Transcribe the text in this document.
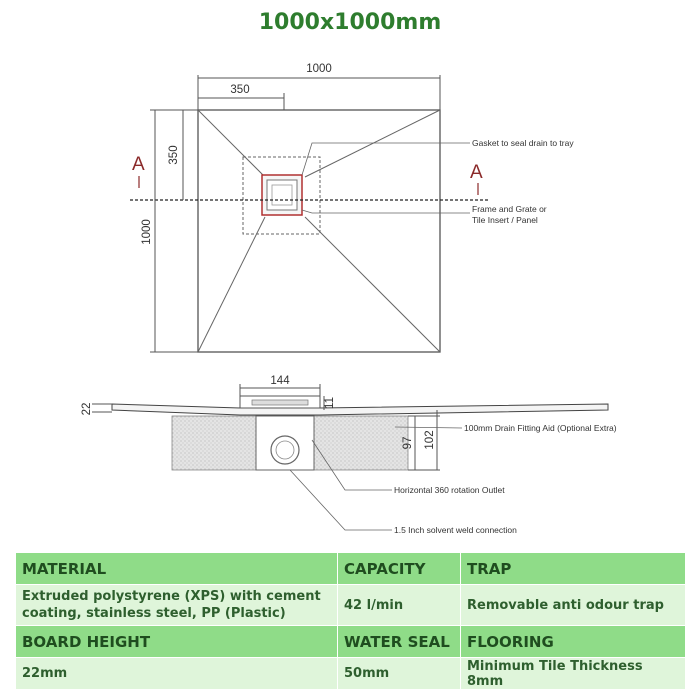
1000x1000mm
A	A
1000
350
350
1000
Gasket to seal drain to tray
Frame and Grate or
Tile Insert / Panel
144
11
22
97 102
100mm Drain Fitting Aid (Optional Extra)
Horizontal 360 rotation Outlet
1.5 Inch solvent weld connection
MATERIAL	CAPACITY	TRAP
Extruded polystyrene (XPS) with cement coating, stainless steel, PP (Plastic)	42 l/min	Removable anti odour trap
BOARD HEIGHT	WATER SEAL	FLOORING
22mm	50mm	Minimum Tile Thickness 8mm
